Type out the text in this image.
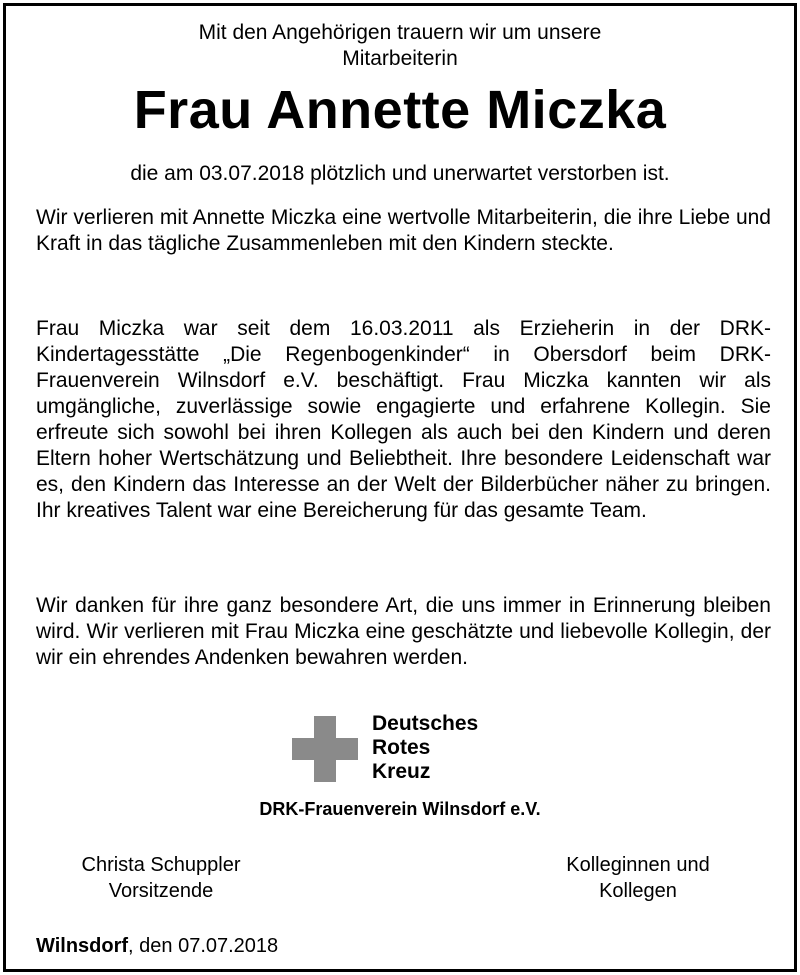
Mit den Angehörigen trauern wir um unsere
Mitarbeiterin
Frau Annette Miczka
die am 03.07.2018 plötzlich und unerwartet verstorben ist.
Wir verlieren mit Annette Miczka eine wertvolle Mitarbeiterin, die ihre Liebe und Kraft in das tägliche Zusammenleben mit den Kindern steckte.
Frau Miczka war seit dem 16.03.2011 als Erzieherin in der DRK-Kindertagesstätte „Die Regenbogenkinder“ in Obersdorf beim DRK-Frauenverein Wilnsdorf e.V. beschäftigt. Frau Miczka kannten wir als umgängliche, zuverlässige sowie engagierte und erfahrene Kollegin. Sie erfreute sich sowohl bei ihren Kollegen als auch bei den Kindern und deren Eltern hoher Wertschätzung und Beliebtheit. Ihre besondere Leidenschaft war es, den Kindern das Interesse an der Welt der Bilderbücher näher zu bringen. Ihr kreatives Talent war eine Bereicherung für das gesamte Team.
Wir danken für ihre ganz besondere Art, die uns immer in Erinnerung bleiben wird. Wir verlieren mit Frau Miczka eine geschätzte und liebevolle Kollegin, der wir ein ehrendes Andenken bewahren werden.
Deutsches
Rotes
Kreuz
DRK-Frauenverein Wilnsdorf e.V.
Christa Schuppler
Vorsitzende
Kolleginnen und
Kollegen
Wilnsdorf, den 07.07.2018
